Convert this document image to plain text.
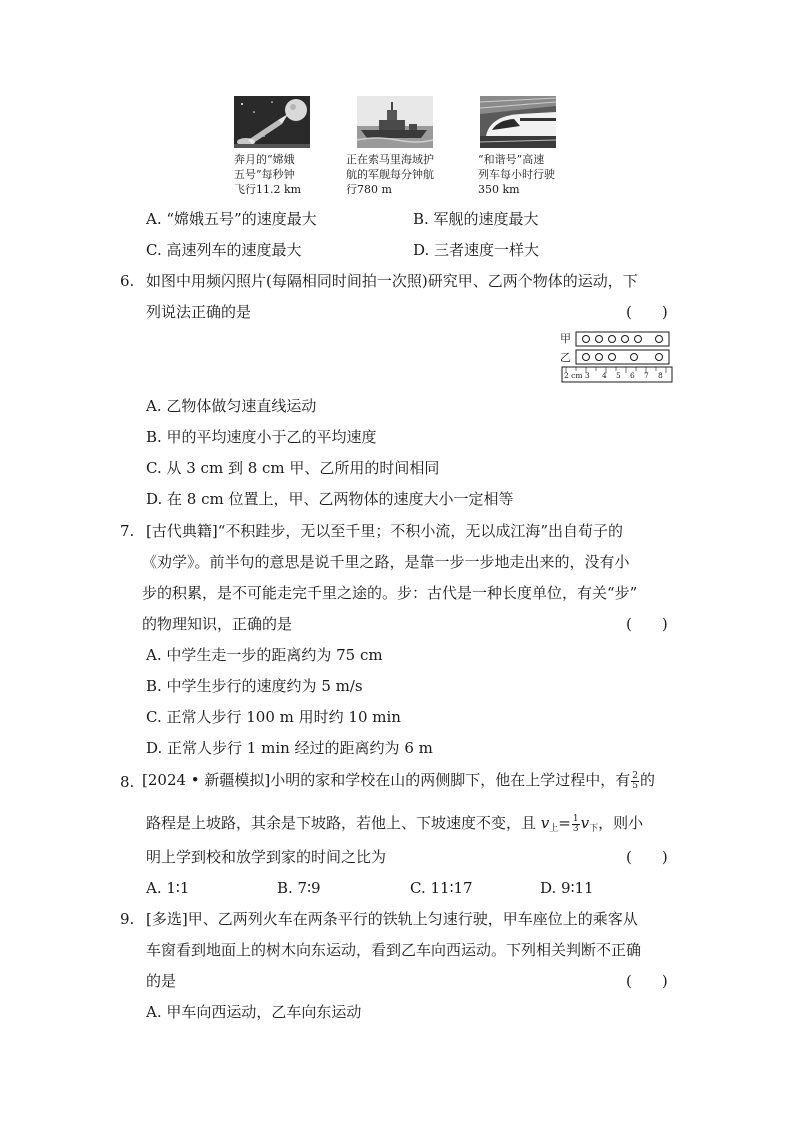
奔月的“嫦娥
五号”每秒钟
飞行11.2 km
正在索马里海域护
航的军舰每分钟航
行780 m
“和谐号”高速
列车每小时行驶
350 km
A. “嫦娥五号”的速度最大	B. 军舰的速度最大
C. 高速列车的速度最大	D. 三者速度一样大
6. 如图中用频闪照片(每隔相同时间拍一次照)研究甲、乙两个物体的运动，下
列说法正确的是	(　　)
甲
乙
2 cm 3 4 5 6 7 8
A. 乙物体做匀速直线运动
B. 甲的平均速度小于乙的平均速度
C. 从 3 cm 到 8 cm 甲、乙所用的时间相同
D. 在 8 cm 位置上，甲、乙两物体的速度大小一定相等
7. [古代典籍]“不积跬步，无以至千里；不积小流，无以成江海”出自荀子的
《劝学》。前半句的意思是说千里之路，是靠一步一步地走出来的，没有小
步的积累，是不可能走完千里之途的。步：古代是一种长度单位，有关“步”
的物理知识，正确的是	(　　)
A. 中学生走一步的距离约为 75 cm
B. 中学生步行的速度约为 5 m/s
C. 正常人步行 100 m 用时约 10 min
D. 正常人步行 1 min 经过的距离约为 6 m
8. [2024 • 新疆模拟]小明的家和学校在山的两侧脚下，他在上学过程中，有 $\frac{2}{5}$ 的
路程是上坡路，其余是下坡路，若他上、下坡速度不变，且 $v_上= \frac{1}{3} v_下$，则小
明上学到校和放学到家的时间之比为	(　　)
A. 1∶1	B. 7∶9	C. 11∶17	D. 9∶11
9. [多选]甲、乙两列火车在两条平行的铁轨上匀速行驶，甲车座位上的乘客从
车窗看到地面上的树木向东运动，看到乙车向西运动。下列相关判断不正确
的是	(　　)
A. 甲车向西运动，乙车向东运动
